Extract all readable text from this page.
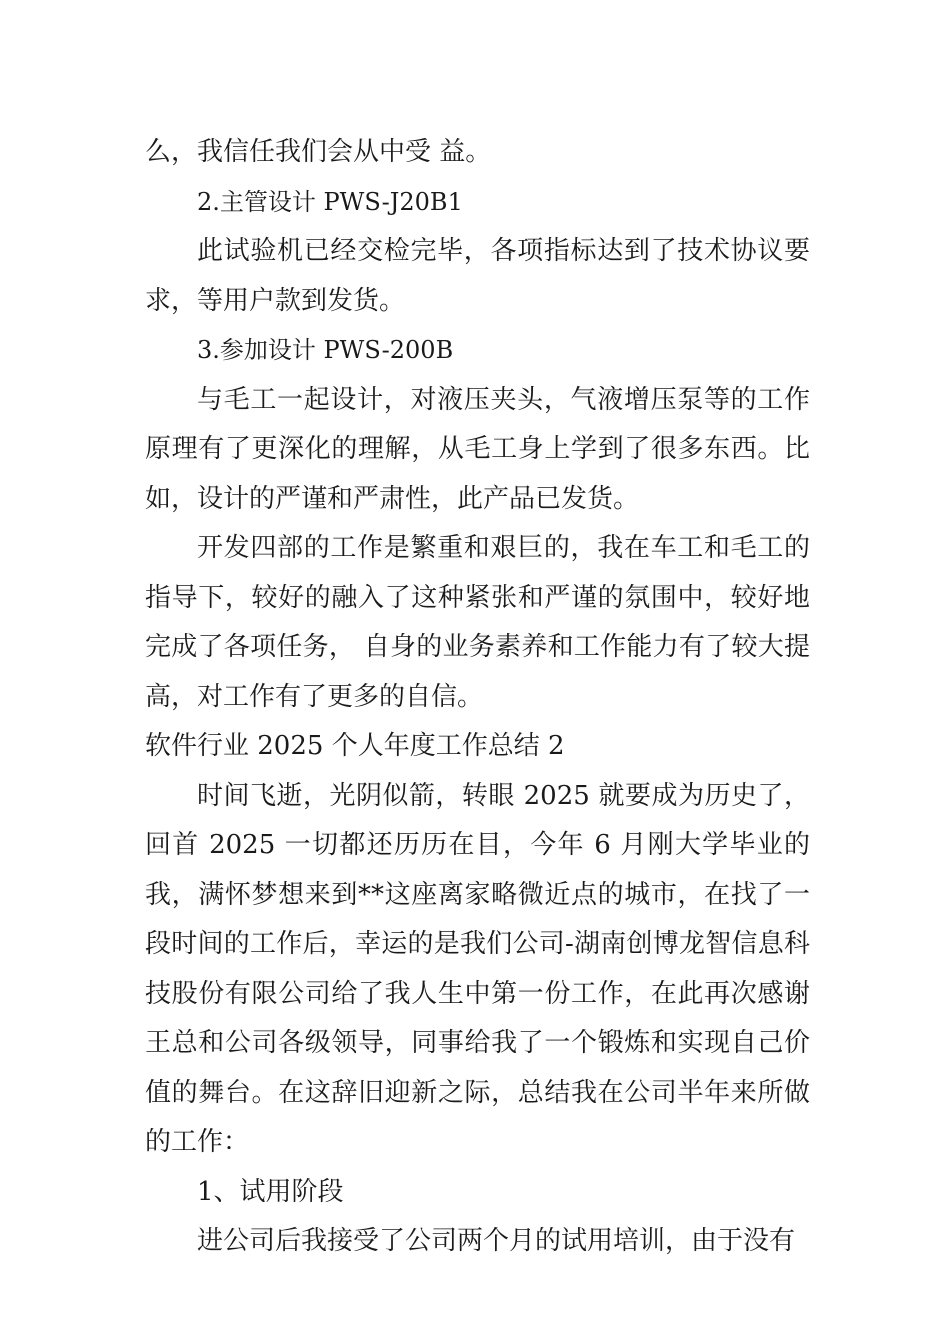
么，我信任我们会从中受 益。

2.主管设计 PWS-J20B1

此试验机已经交检完毕，各项指标达到了技术协议要求，等用户款到发货。

3.参加设计 PWS-200B

与毛工一起设计，对液压夹头，气液增压泵等的工作原理有了更深化的理解，从毛工身上学到了很多东西。比如，设计的严谨和严肃性，此产品已发货。

开发四部的工作是繁重和艰巨的，我在车工和毛工的指导下，较好的融入了这种紧张和严谨的氛围中，较好地完成了各项任务， 自身的业务素养和工作能力有了较大提高，对工作有了更多的自信。

软件行业 2025 个人年度工作总结 2

时间飞逝，光阴似箭，转眼 2025 就要成为历史了，回首 2025 一切都还历历在目，今年 6 月刚大学毕业的我，满怀梦想来到**这座离家略微近点的城市，在找了一段时间的工作后，幸运的是我们公司-湖南创博龙智信息科技股份有限公司给了我人生中第一份工作，在此再次感谢王总和公司各级领导，同事给我了一个锻炼和实现自己价值的舞台。在这辞旧迎新之际，总结我在公司半年来所做的工作：

1、试用阶段

进公司后我接受了公司两个月的试用培训，由于没有
